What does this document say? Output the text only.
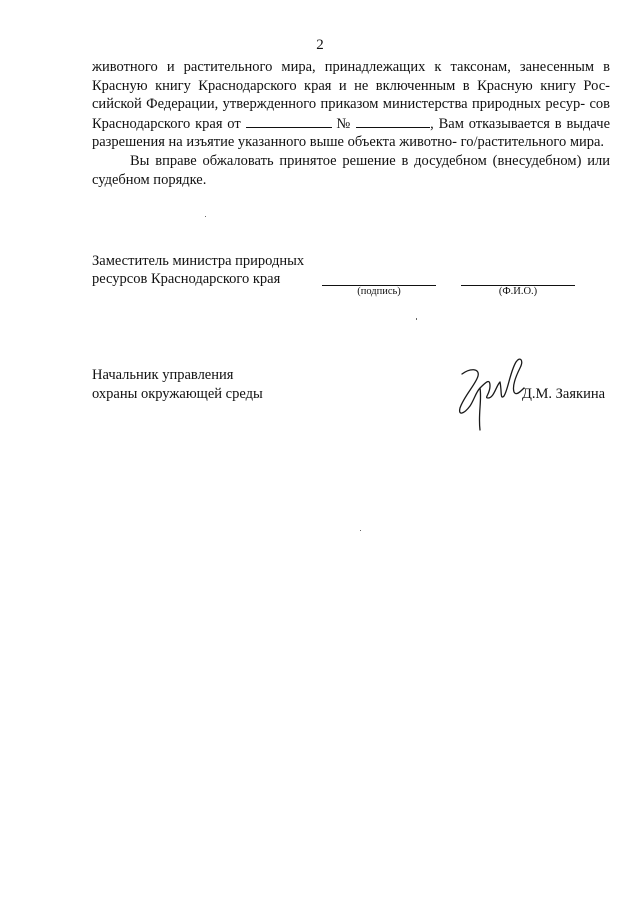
2

животного и растительного мира, принадлежащих к таксонам, занесенным в Красную книгу Краснодарского края и не включенным в Красную книгу Рос- сийской Федерации, утвержденного приказом министерства природных ресур- сов Краснодарского края от	№	, Вам отказывается в выдаче разрешения на изъятие указанного выше объекта животно- го/растительного мира.

Вы вправе обжаловать принятое решение в досудебном (внесудебном) или судебном порядке.

Заместитель министра природных
ресурсов Краснодарского края
(подпись)	(Ф.И.О.)
Начальник управления
охраны окружающей среды	Д.М. Заякина
